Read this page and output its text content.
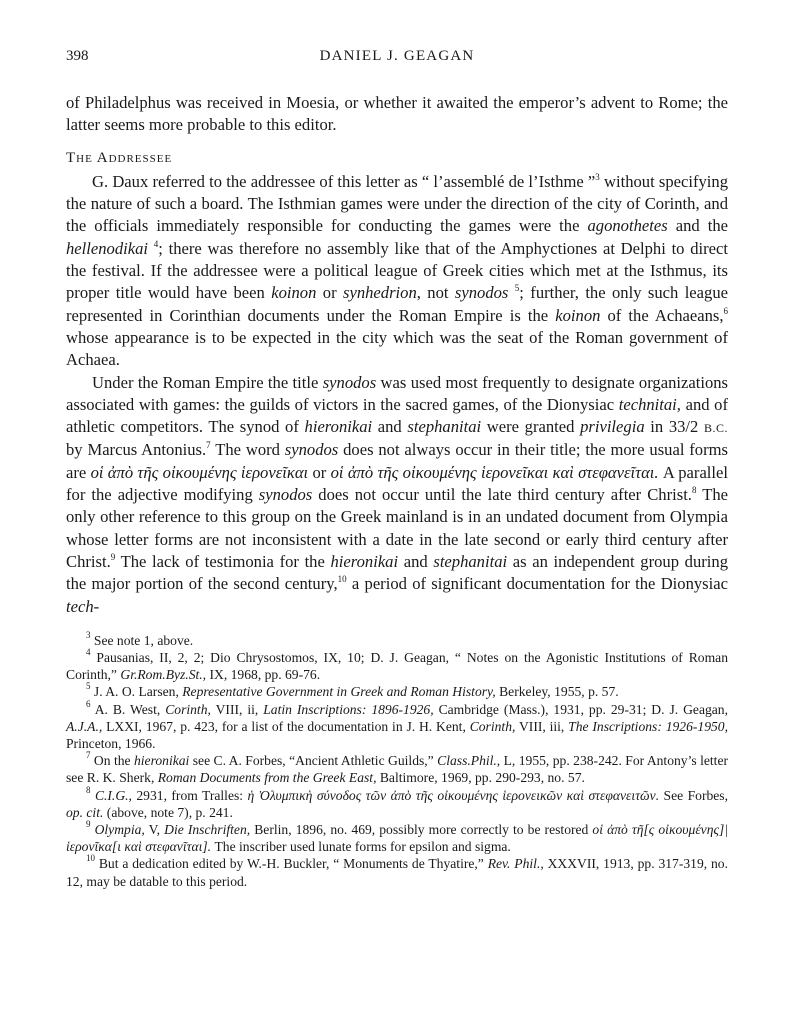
398	DANIEL J. GEAGAN

of Philadelphus was received in Moesia, or whether it awaited the emperor’s advent to Rome; the latter seems more probable to this editor.

The Addressee

G. Daux referred to the addressee of this letter as “ l’assemblé de l’Isthme ”$^3$ without specifying the nature of such a board. The Isthmian games were under the direction of the city of Corinth, and the officials immediately responsible for conducting the games were the agonothetes and the hellenodikai $^4$; there was therefore no assembly like that of the Amphyctiones at Delphi to direct the festival. If the addressee were a political league of Greek cities which met at the Isthmus, its proper title would have been koinon or synhedrion, not synodos $^5$; further, the only such league represented in Corinthian documents under the Roman Empire is the koinon of the Achaeans,$^6$ whose appearance is to be expected in the city which was the seat of the Roman government of Achaea.

Under the Roman Empire the title synodos was used most frequently to designate organizations associated with games: the guilds of victors in the sacred games, of the Dionysiac technitai, and of athletic competitors. The synod of hieronikai and stephanitai were granted privilegia in 33/2 B.C. by Marcus Antonius.$^7$ The word synodos does not always occur in their title; the more usual forms are οἱ ἀπὸ τῆς οἰκουμένης ἱερονεῖκαι or οἱ ἀπὸ τῆς οἰκουμένης ἱερονεῖκαι καὶ στεφανεῖται. A parallel for the adjective modifying synodos does not occur until the late third century after Christ.$^8$ The only other reference to this group on the Greek mainland is in an undated document from Olympia whose letter forms are not inconsistent with a date in the late second or early third century after Christ.$^9$ The lack of testimonia for the hieronikai and stephanitai as an independent group during the major portion of the second century,$^{10}$ a period of significant documentation for the Dionysiac tech-

$^3$ See note 1, above.

$^4$ Pausanias, II, 2, 2; Dio Chrysostomos, IX, 10; D. J. Geagan, “ Notes on the Agonistic Institutions of Roman Corinth,” Gr.Rom.Byz.St., IX, 1968, pp. 69-76.

$^5$ J. A. O. Larsen, Representative Government in Greek and Roman History, Berkeley, 1955, p. 57.

$^6$ A. B. West, Corinth, VIII, ii, Latin Inscriptions: 1896-1926, Cambridge (Mass.), 1931, pp. 29-31; D. J. Geagan, A.J.A., LXXI, 1967, p. 423, for a list of the documentation in J. H. Kent, Corinth, VIII, iii, The Inscriptions: 1926-1950, Princeton, 1966.

$^7$ On the hieronikai see C. A. Forbes, “Ancient Athletic Guilds,” Class.Phil., L, 1955, pp. 238-242. For Antony’s letter see R. K. Sherk, Roman Documents from the Greek East, Baltimore, 1969, pp. 290-293, no. 57.

$^8$ C.I.G., 2931, from Tralles: ἡ Ὀλυμπικὴ σύνοδος τῶν ἀπὸ τῆς οἰκουμένης ἱερονεικῶν καὶ στεφανειτῶν. See Forbes, op. cit. (above, note 7), p. 241.

$^9$ Olympia, V, Die Inschriften, Berlin, 1896, no. 469, possibly more correctly to be restored οἱ ἀπὸ τῆ[ς οἰκουμένης]|ἱερονῖκα[ι καὶ στεφανῖται]. The inscriber used lunate forms for epsilon and sigma.

$^{10}$ But a dedication edited by W.-H. Buckler, “ Monuments de Thyatire,” Rev. Phil., XXXVII, 1913, pp. 317-319, no. 12, may be datable to this period.
